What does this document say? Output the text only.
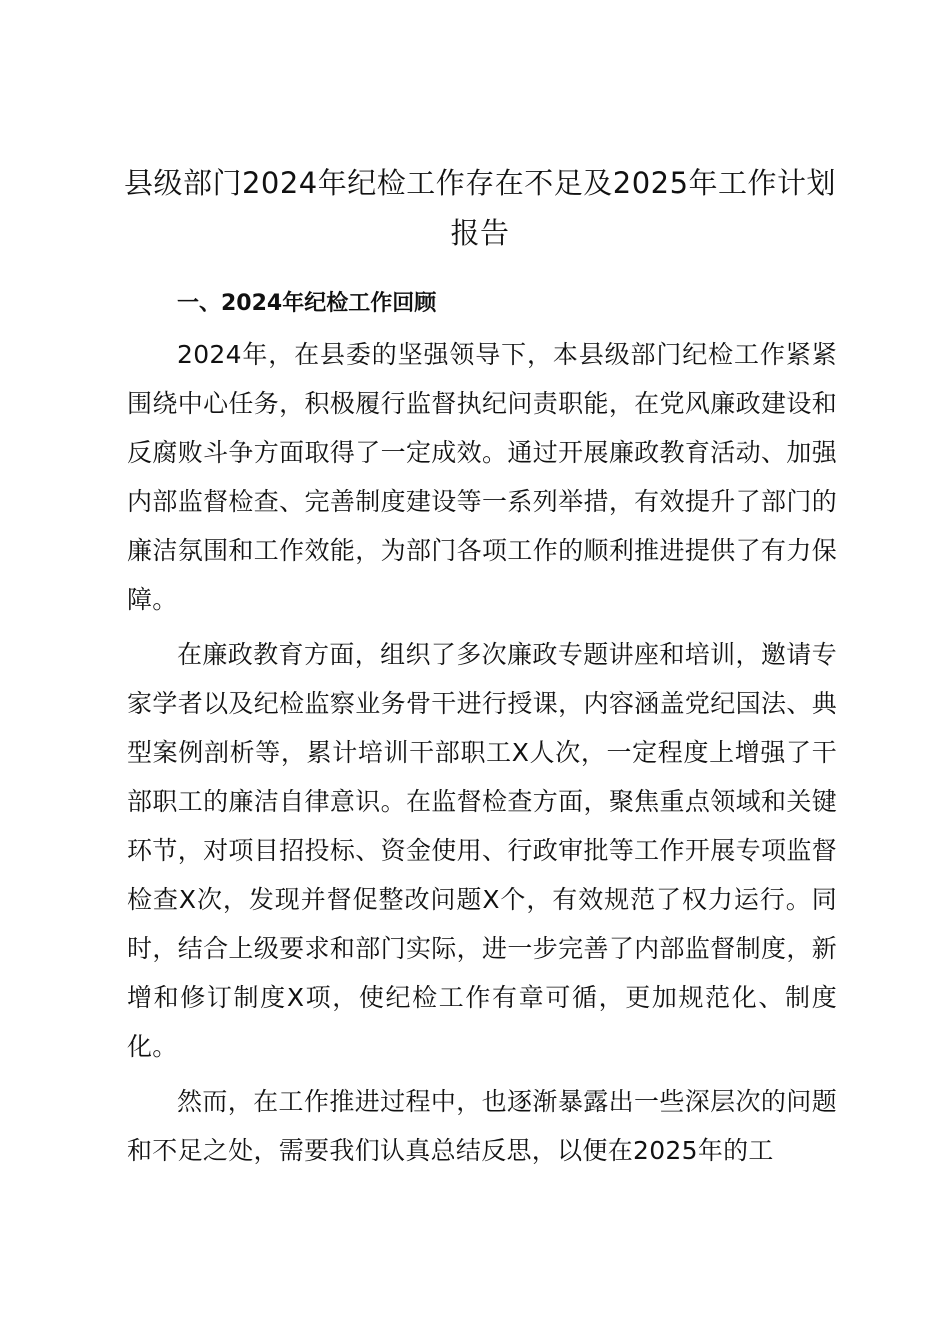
县级部门2024年纪检工作存在不足及2025年工作计划报告
一、2024年纪检工作回顾

2024年，在县委的坚强领导下，本县级部门纪检工作紧紧围绕中心任务，积极履行监督执纪问责职能，在党风廉政建设和反腐败斗争方面取得了一定成效。通过开展廉政教育活动、加强内部监督检查、完善制度建设等一系列举措，有效提升了部门的廉洁氛围和工作效能，为部门各项工作的顺利推进提供了有力保障。

在廉政教育方面，组织了多次廉政专题讲座和培训，邀请专家学者以及纪检监察业务骨干进行授课，内容涵盖党纪国法、典型案例剖析等，累计培训干部职工X人次，一定程度上增强了干部职工的廉洁自律意识。在监督检查方面，聚焦重点领域和关键环节，对项目招投标、资金使用、行政审批等工作开展专项监督检查X次，发现并督促整改问题X个，有效规范了权力运行。同时，结合上级要求和部门实际，进一步完善了内部监督制度，新增和修订制度X项，使纪检工作有章可循，更加规范化、制度化。

然而，在工作推进过程中，也逐渐暴露出一些深层次的问题和不足之处，需要我们认真总结反思，以便在2025年的工
